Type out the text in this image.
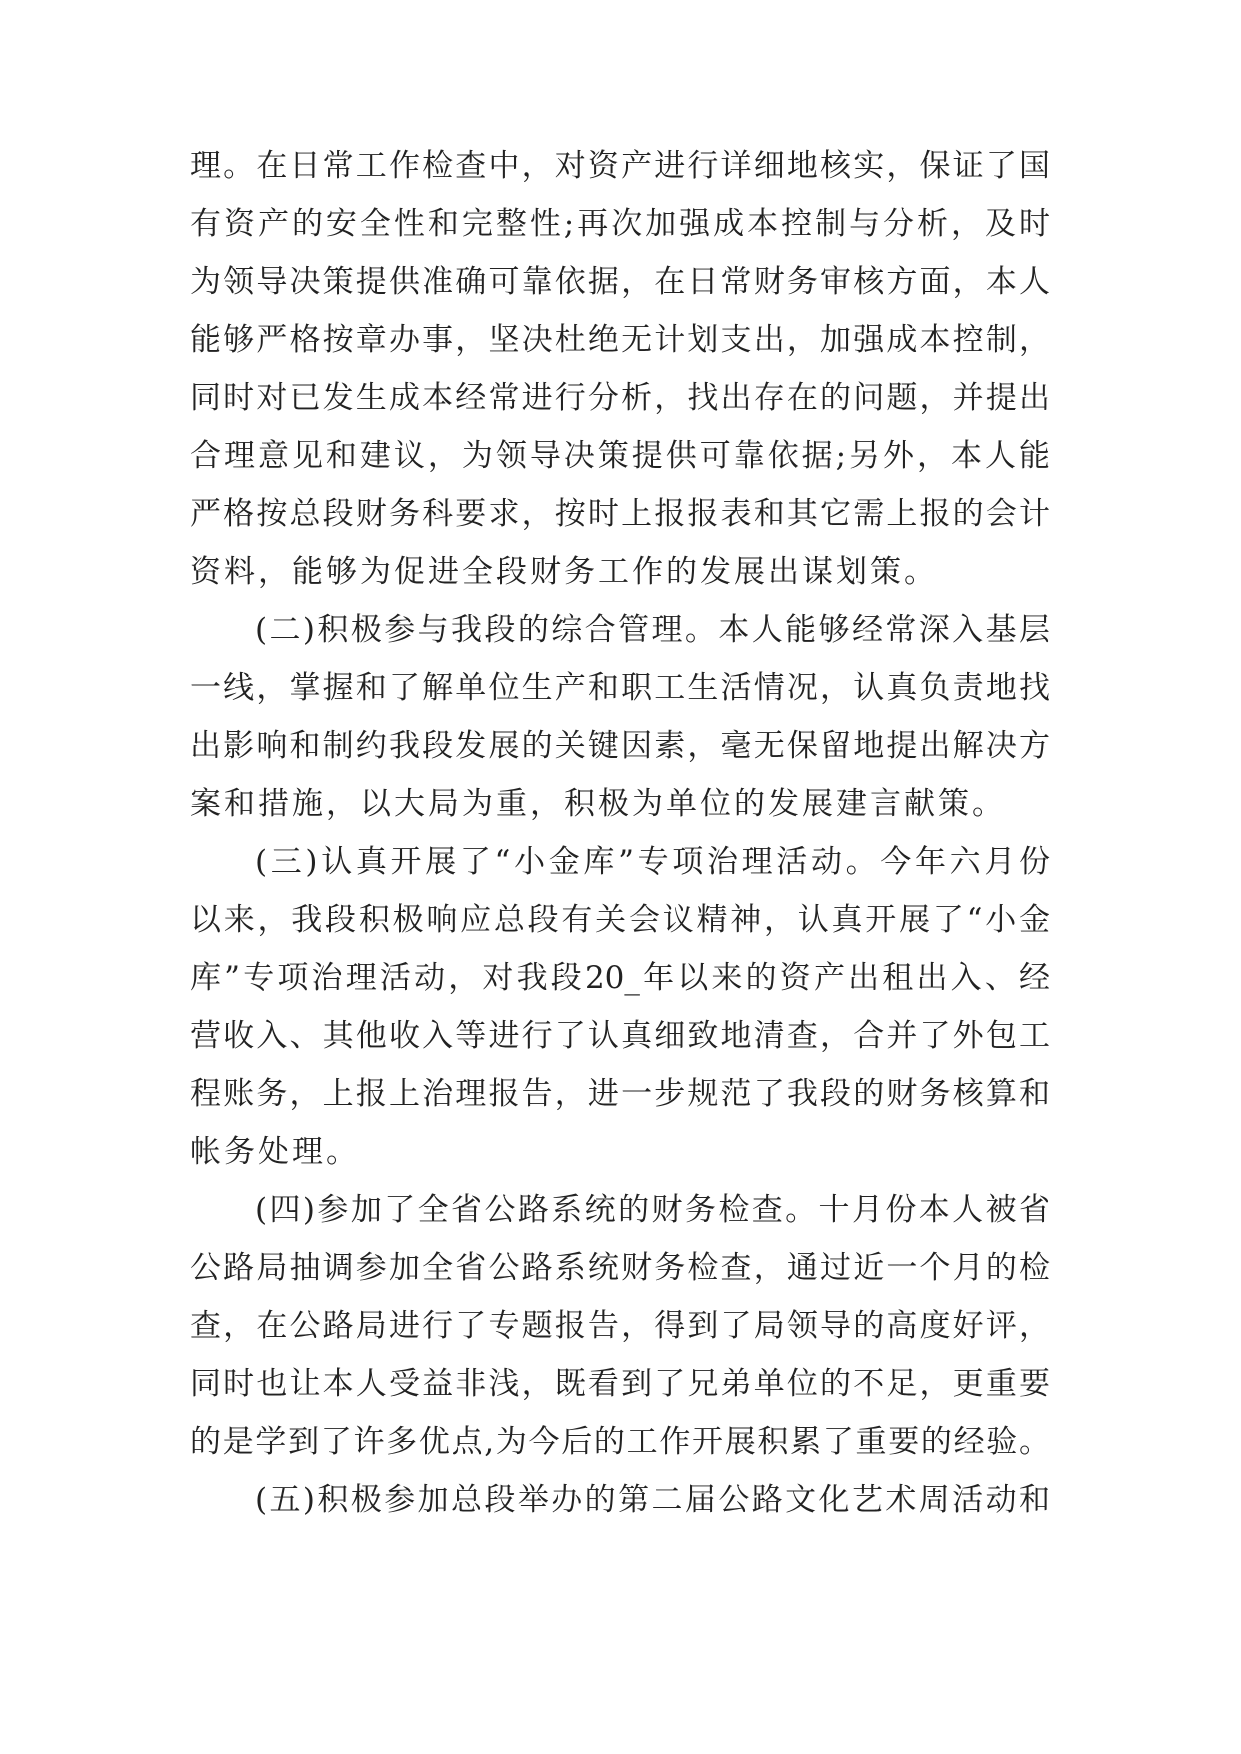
理。在日常工作检查中，对资产进行详细地核实，保证了国
有资产的安全性和完整性;再次加强成本控制与分析，及时
为领导决策提供准确可靠依据，在日常财务审核方面，本人
能够严格按章办事，坚决杜绝无计划支出，加强成本控制，
同时对已发生成本经常进行分析，找出存在的问题，并提出
合理意见和建议，为领导决策提供可靠依据;另外，本人能
严格按总段财务科要求，按时上报报表和其它需上报的会计
资料，能够为促进全段财务工作的发展出谋划策。
(二)积极参与我段的综合管理。本人能够经常深入基层
一线，掌握和了解单位生产和职工生活情况，认真负责地找
出影响和制约我段发展的关键因素，毫无保留地提出解决方
案和措施，以大局为重，积极为单位的发展建言献策。
(三)认真开展了“小金库”专项治理活动。今年六月份
以来，我段积极响应总段有关会议精神，认真开展了“小金
库”专项治理活动，对我段20_年以来的资产出租出入、经
营收入、其他收入等进行了认真细致地清查，合并了外包工
程账务，上报上治理报告，进一步规范了我段的财务核算和
帐务处理。
(四)参加了全省公路系统的财务检查。十月份本人被省
公路局抽调参加全省公路系统财务检查，通过近一个月的检
查，在公路局进行了专题报告，得到了局领导的高度好评，
同时也让本人受益非浅，既看到了兄弟单位的不足，更重要
的是学到了许多优点,为今后的工作开展积累了重要的经验。
(五)积极参加总段举办的第二届公路文化艺术周活动和
